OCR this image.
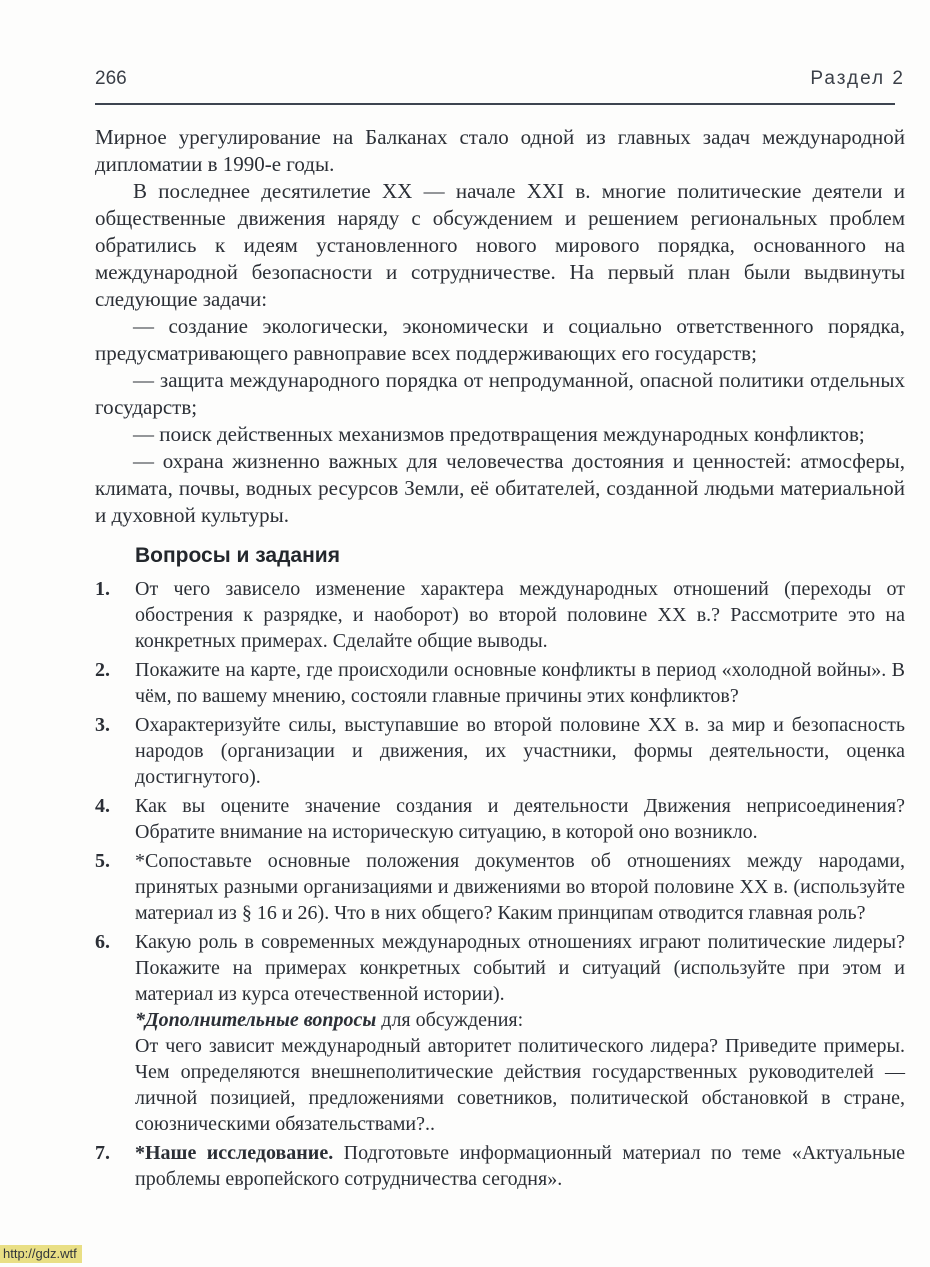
266	Раздел 2

Мирное урегулирование на Балканах стало одной из главных задач международной дипломатии в 1990-е годы.

В последнее десятилетие XX — начале XXI в. многие политические деятели и общественные движения наряду с обсуждением и решением региональных проблем обратились к идеям установленного нового мирового порядка, основанного на международной безопасности и сотрудничестве. На первый план были выдвинуты следующие задачи:

— создание экологически, экономически и социально ответственного порядка, предусматривающего равноправие всех поддерживающих его государств;

— защита международного порядка от непродуманной, опасной политики отдельных государств;

— поиск действенных механизмов предотвращения международных конфликтов;

— охрана жизненно важных для человечества достояния и ценностей: атмосферы, климата, почвы, водных ресурсов Земли, её обитателей, созданной людьми материальной и духовной культуры.

Вопросы и задания
1.	От чего зависело изменение характера международных отношений (переходы от обострения к разрядке, и наоборот) во второй половине XX в.? Рассмотрите это на конкретных примерах. Сделайте общие выводы.

2.	Покажите на карте, где происходили основные конфликты в период «холодной войны». В чём, по вашему мнению, состояли главные причины этих конфликтов?

3.	Охарактеризуйте силы, выступавшие во второй половине XX в. за мир и безопасность народов (организации и движения, их участники, формы деятельности, оценка достигнутого).

4.	Как вы оцените значение создания и деятельности Движения неприсоединения? Обратите внимание на историческую ситуацию, в которой оно возникло.

5.	*Сопоставьте основные положения документов об отношениях между народами, принятых разными организациями и движениями во второй половине XX в. (используйте материал из § 16 и 26). Что в них общего? Каким принципам отводится главная роль?

6.	Какую роль в современных международных отношениях играют политические лидеры? Покажите на примерах конкретных событий и ситуаций (используйте при этом и материал из курса отечественной истории).

*Дополнительные вопросы для обсуждения:

От чего зависит международный авторитет политического лидера? Приведите примеры. Чем определяются внешнеполитические действия государственных руководителей — личной позицией, предложениями советников, политической обстановкой в стране, союзническими обязательствами?..

7.	*Наше исследование. Подготовьте информационный материал по теме «Актуальные проблемы европейского сотрудничества сегодня».

http://gdz.wtf
